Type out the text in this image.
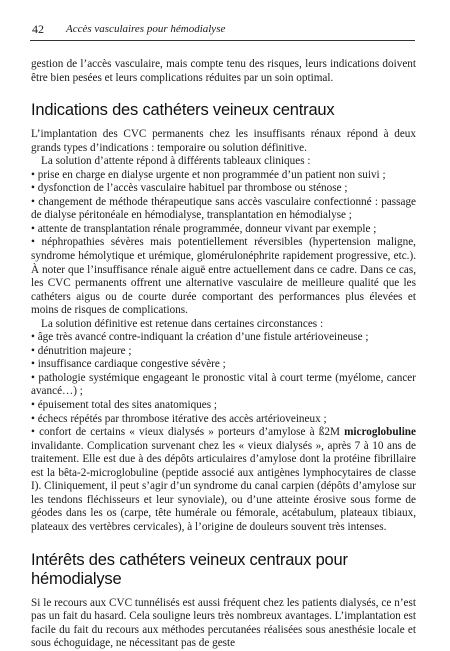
42 Accès vasculaires pour hémodialyse

gestion de l’accès vasculaire, mais compte tenu des risques, leurs indications doivent être bien pesées et leurs complications réduites par un soin optimal.

Indications des cathéters veineux centraux

L’implantation des CVC permanents chez les insuffisants rénaux répond à deux grands types d’indications : temporaire ou solution définitive.

La solution d’attente répond à différents tableaux cliniques :

• prise en charge en dialyse urgente et non programmée d’un patient non suivi ;
• dysfonction de l’accès vasculaire habituel par thrombose ou sténose ;
• changement de méthode thérapeutique sans accès vasculaire confectionné : passage de dialyse péritonéale en hémodialyse, transplantation en hémodialyse ;
• attente de transplantation rénale programmée, donneur vivant par exemple ;
• néphropathies sévères mais potentiellement réversibles (hypertension maligne, syndrome hémolytique et urémique, glomérulonéphrite rapidement progressive, etc.). À noter que l’insuffisance rénale aiguë entre actuellement dans ce cadre. Dans ce cas, les CVC permanents offrent une alternative vasculaire de meilleure qualité que les cathéters aigus ou de courte durée comportant des performances plus élevées et moins de risques de complications.

La solution définitive est retenue dans certaines circonstances :

• âge très avancé contre-indiquant la création d’une fistule artérioveineuse ;
• dénutrition majeure ;
• insuffisance cardiaque congestive sévère ;
• pathologie systémique engageant le pronostic vital à court terme (myélome, cancer avancé…) ;
• épuisement total des sites anatomiques ;
• échecs répétés par thrombose itérative des accès artérioveineux ;
• confort de certains « vieux dialysés » porteurs d’amylose à ß2M microglobuline invalidante. Complication survenant chez les « vieux dialysés », après 7 à 10 ans de traitement. Elle est due à des dépôts articulaires d’amylose dont la protéine fibrillaire est la bêta-2-microglobuline (peptide associé aux antigènes lymphocytaires de classe I). Cliniquement, il peut s’agir d’un syndrome du canal carpien (dépôts d’amylose sur les tendons fléchisseurs et leur synoviale), ou d’une atteinte érosive sous forme de géodes dans les os (carpe, tête humérale ou fémorale, acétabulum, plateaux tibiaux, plateaux des vertèbres cervicales), à l’origine de douleurs souvent très intenses.
Intérêts des cathéters veineux centraux pour
hémodialyse

Si le recours aux CVC tunnélisés est aussi fréquent chez les patients dialysés, ce n’est pas un fait du hasard. Cela souligne leurs très nombreux avantages. L’implantation est facile du fait du recours aux méthodes percutanées réalisées sous anesthésie locale et sous échoguidage, ne nécessitant pas de geste
